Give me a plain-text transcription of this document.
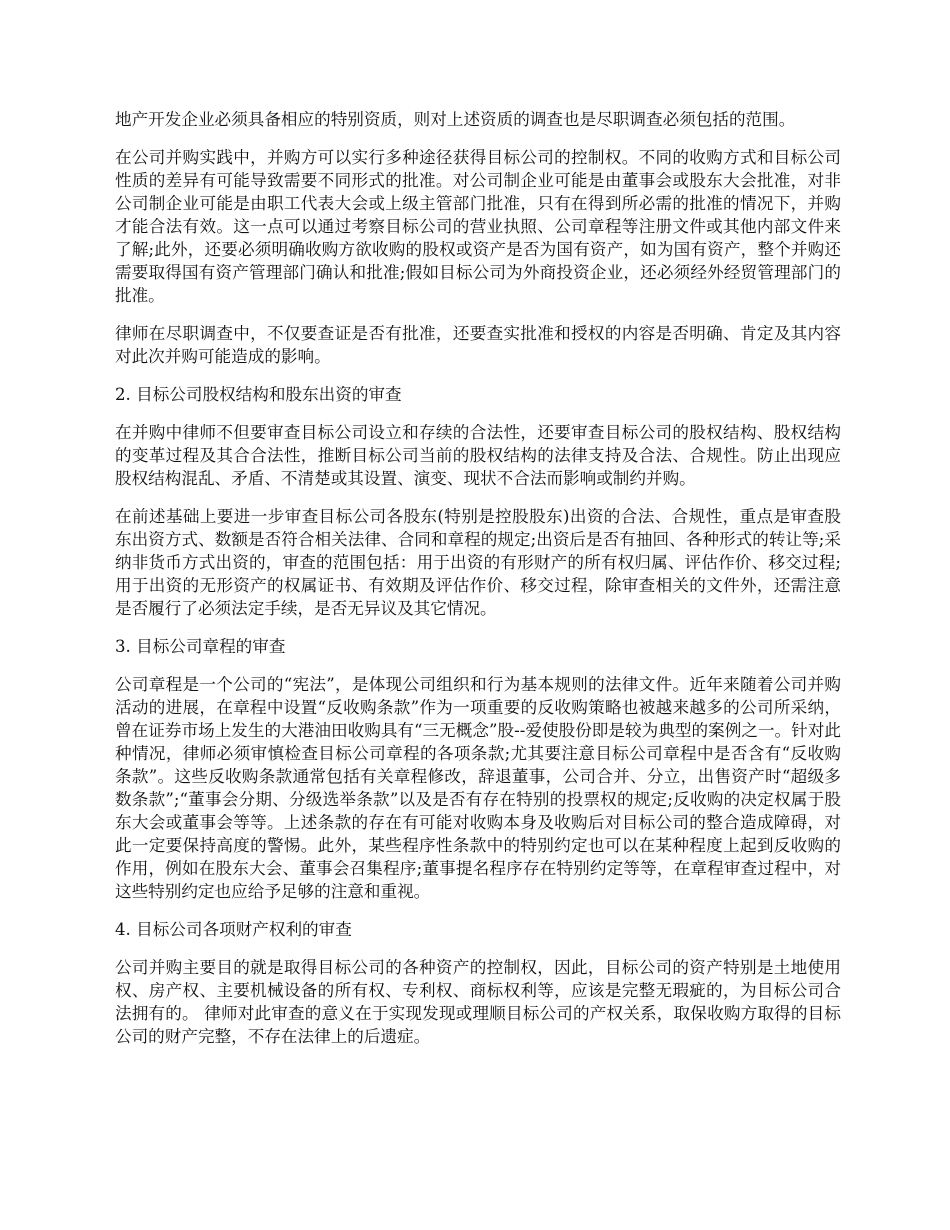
地产开发企业必须具备相应的特别资质，则对上述资质的调查也是尽职调查必须包括的范围。

在公司并购实践中，并购方可以实行多种途径获得目标公司的控制权。不同的收购方式和目标公司性质的差异有可能导致需要不同形式的批准。对公司制企业可能是由董事会或股东大会批准，对非公司制企业可能是由职工代表大会或上级主管部门批准，只有在得到所必需的批准的情况下，并购才能合法有效。这一点可以通过考察目标公司的营业执照、公司章程等注册文件或其他内部文件来了解;此外，还要必须明确收购方欲收购的股权或资产是否为国有资产，如为国有资产，整个并购还需要取得国有资产管理部门确认和批准;假如目标公司为外商投资企业，还必须经外经贸管理部门的批准。

律师在尽职调查中，不仅要查证是否有批准，还要查实批准和授权的内容是否明确、肯定及其内容对此次并购可能造成的影响。

2. 目标公司股权结构和股东出资的审查

在并购中律师不但要审查目标公司设立和存续的合法性，还要审查目标公司的股权结构、股权结构的变革过程及其合合法性，推断目标公司当前的股权结构的法律支持及合法、合规性。防止出现应股权结构混乱、矛盾、不清楚或其设置、演变、现状不合法而影响或制约并购。

在前述基础上要进一步审查目标公司各股东(特别是控股股东)出资的合法、合规性，重点是审查股东出资方式、数额是否符合相关法律、合同和章程的规定;出资后是否有抽回、各种形式的转让等;采纳非货币方式出资的，审查的范围包括：用于出资的有形财产的所有权归属、评估作价、移交过程;用于出资的无形资产的权属证书、有效期及评估作价、移交过程，除审查相关的文件外，还需注意是否履行了必须法定手续，是否无异议及其它情况。

3. 目标公司章程的审查

公司章程是一个公司的“宪法”，是体现公司组织和行为基本规则的法律文件。近年来随着公司并购活动的进展，在章程中设置“反收购条款”作为一项重要的反收购策略也被越来越多的公司所采纳，曾在证券市场上发生的大港油田收购具有“三无概念”股--爱使股份即是较为典型的案例之一。针对此种情况，律师必须审慎检查目标公司章程的各项条款;尤其要注意目标公司章程中是否含有“反收购条款”。这些反收购条款通常包括有关章程修改，辞退董事，公司合并、分立，出售资产时“超级多数条款”;“董事会分期、分级选举条款”以及是否有存在特别的投票权的规定;反收购的决定权属于股东大会或董事会等等。上述条款的存在有可能对收购本身及收购后对目标公司的整合造成障碍，对此一定要保持高度的警惕。此外，某些程序性条款中的特别约定也可以在某种程度上起到反收购的作用，例如在股东大会、董事会召集程序;董事提名程序存在特别约定等等，在章程审查过程中，对这些特别约定也应给予足够的注意和重视。

4. 目标公司各项财产权利的审查

公司并购主要目的就是取得目标公司的各种资产的控制权，因此，目标公司的资产特别是土地使用权、房产权、主要机械设备的所有权、专利权、商标权利等，应该是完整无瑕疵的，为目标公司合法拥有的。 律师对此审查的意义在于实现发现或理顺目标公司的产权关系，取保收购方取得的目标公司的财产完整，不存在法律上的后遗症。
